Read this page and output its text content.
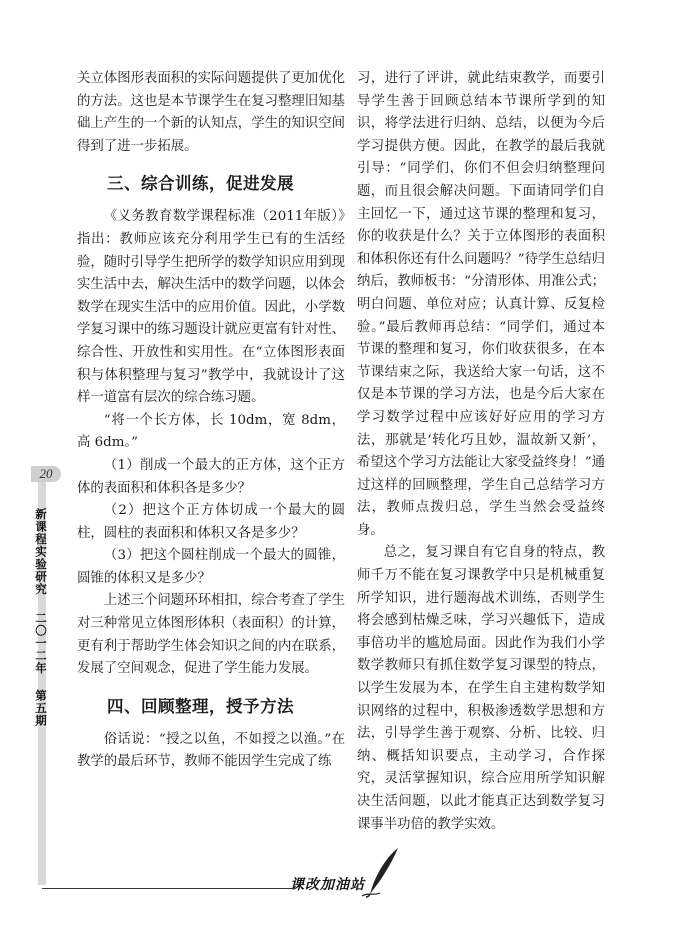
关立体图形表面积的实际问题提供了更加优化的方法。这也是本节课学生在复习整理旧知基础上产生的一个新的认知点，学生的知识空间得到了进一步拓展。

三、综合训练，促进发展

《义务教育数学课程标准（2011年版）》指出：教师应该充分利用学生已有的生活经验，随时引导学生把所学的数学知识应用到现实生活中去，解决生活中的数学问题，以体会数学在现实生活中的应用价值。因此，小学数学复习课中的练习题设计就应更富有针对性、综合性、开放性和实用性。在“立体图形表面积与体积整理与复习”教学中，我就设计了这样一道富有层次的综合练习题。

“将一个长方体，长 10dm，宽 8dm，高 6dm。”

（1）削成一个最大的正方体，这个正方体的表面积和体积各是多少？

（2）把这个正方体切成一个最大的圆柱，圆柱的表面积和体积又各是多少？

（3）把这个圆柱削成一个最大的圆锥，圆锥的体积又是多少？

上述三个问题环环相扣，综合考查了学生对三种常见立体图形体积（表面积）的计算，更有利于帮助学生体会知识之间的内在联系，发展了空间观念，促进了学生能力发展。

四、回顾整理，授予方法

俗话说：“授之以鱼，不如授之以渔。”在教学的最后环节，教师不能因学生完成了练

习，进行了评讲，就此结束教学，而要引导学生善于回顾总结本节课所学到的知识，将学法进行归纳、总结，以便为今后学习提供方便。因此，在教学的最后我就引导：“同学们，你们不但会归纳整理问题，而且很会解决问题。下面请同学们自主回忆一下，通过这节课的整理和复习，你的收获是什么？关于立体图形的表面积和体积你还有什么问题吗？”待学生总结归纳后，教师板书：“分清形体、用准公式；明白问题、单位对应；认真计算、反复检验。”最后教师再总结：“同学们，通过本节课的整理和复习，你们收获很多，在本节课结束之际，我送给大家一句话，这不仅是本节课的学习方法，也是今后大家在学习数学过程中应该好好应用的学习方法，那就是‘转化巧且妙，温故新又新’，希望这个学习方法能让大家受益终身！”通过这样的回顾整理，学生自己总结学习方法，教师点拨归总，学生当然会受益终身。

总之，复习课自有它自身的特点，教师千万不能在复习课教学中只是机械重复所学知识，进行题海战术训练，否则学生将会感到枯燥乏味，学习兴趣低下，造成事倍功半的尴尬局面。因此作为我们小学数学教师只有抓住数学复习课型的特点，以学生发展为本，在学生自主建构数学知识网络的过程中，积极渗透数学思想和方法，引导学生善于观察、分析、比较、归纳、概括知识要点，主动学习，合作探究，灵活掌握知识，综合应用所学知识解决生活问题，以此才能真正达到数学复习课事半功倍的教学实效。

20
新课程实验研究
二〇一二年 第五期
课改加油站
